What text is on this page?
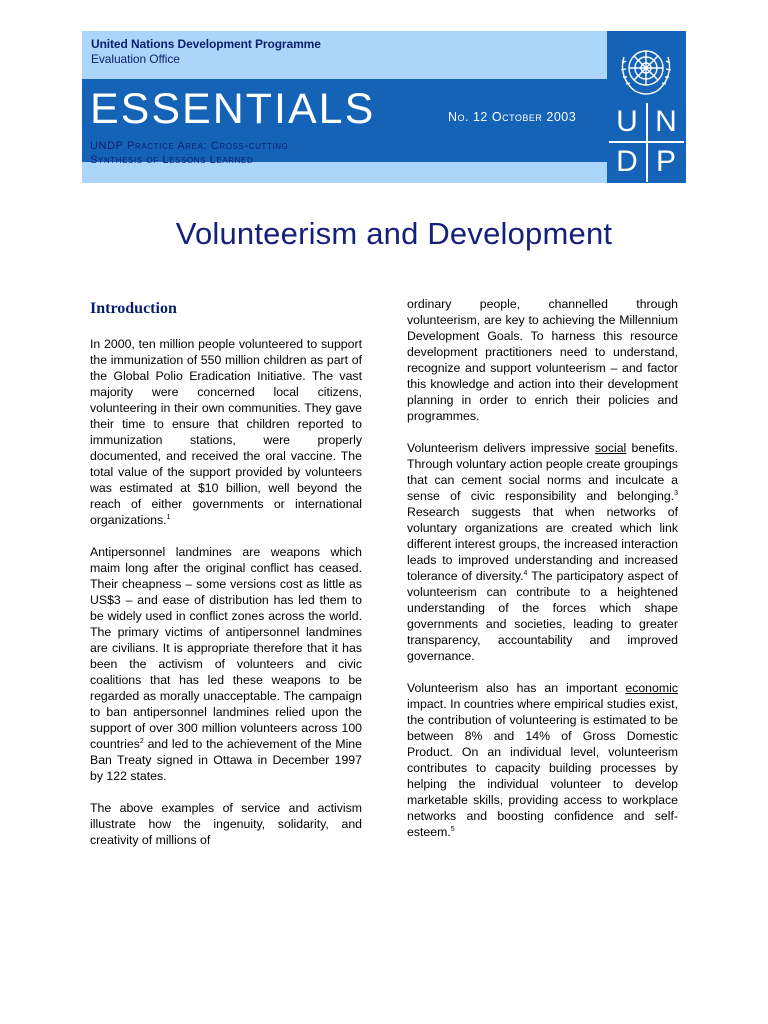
United Nations Development Programme
Evaluation Office
ESSENTIALS	No. 12 October 2003
UNDP Practice Area: Cross-cutting
Synthesis of Lessons Learned
U N
D P
Volunteerism and Development
Introduction

In 2000, ten million people volunteered to support the immunization of 550 million children as part of the Global Polio Eradication Initiative. The vast majority were concerned local citizens, volunteering in their own communities. They gave their time to ensure that children reported to immunization stations, were properly documented, and received the oral vaccine. The total value of the support provided by volunteers was estimated at $10 billion, well beyond the reach of either governments or international organizations.$^1$

Antipersonnel landmines are weapons which maim long after the original conflict has ceased. Their cheapness – some versions cost as little as US$3 – and ease of distribution has led them to be widely used in conflict zones across the world. The primary victims of antipersonnel landmines are civilians. It is appropriate therefore that it has been the activism of volunteers and civic coalitions that has led these weapons to be regarded as morally unacceptable. The campaign to ban antipersonnel landmines relied upon the support of over 300 million volunteers across 100 countries$^2$ and led to the achievement of the Mine Ban Treaty signed in Ottawa in December 1997 by 122 states.

The above examples of service and activism illustrate how the ingenuity, solidarity, and creativity of millions of

ordinary people, channelled through volunteerism, are key to achieving the Millennium Development Goals. To harness this resource development practitioners need to understand, recognize and support volunteerism – and factor this knowledge and action into their development planning in order to enrich their policies and programmes.

Volunteerism delivers impressive social benefits. Through voluntary action people create groupings that can cement social norms and inculcate a sense of civic responsibility and belonging.$^3$ Research suggests that when networks of voluntary organizations are created which link different interest groups, the increased interaction leads to improved understanding and increased tolerance of diversity.$^4$ The participatory aspect of volunteerism can contribute to a heightened understanding of the forces which shape governments and societies, leading to greater transparency, accountability and improved governance.

Volunteerism also has an important economic impact. In countries where empirical studies exist, the contribution of volunteering is estimated to be between 8% and 14% of Gross Domestic Product. On an individual level, volunteerism contributes to capacity building processes by helping the individual volunteer to develop marketable skills, providing access to workplace networks and boosting confidence and self-esteem.$^5$
